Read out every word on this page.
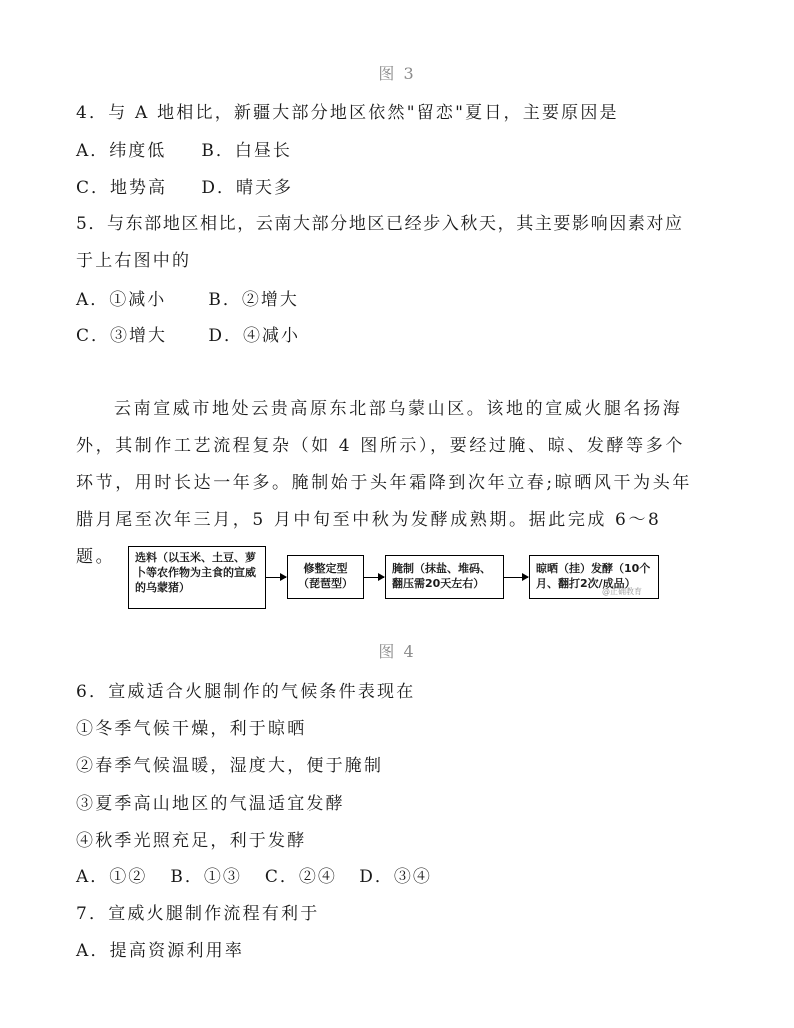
图 3
4．与 A 地相比，新疆大部分地区依然"留恋"夏日，主要原因是
A．纬度低 B．白昼长
C．地势高 D．晴天多
5．与东部地区相比，云南大部分地区已经步入秋天，其主要影响因素对应
于上右图中的
A．①减小 B．②增大
C．③增大 D．④减小
云南宣威市地处云贵高原东北部乌蒙山区。该地的宣威火腿名扬海外，其制作工艺流程复杂（如 4 图所示），要经过腌、晾、发酵等多个环节，用时长达一年多。腌制始于头年霜降到次年立春;晾晒风干为头年腊月尾至次年三月，5 月中旬至中秋为发酵成熟期。据此完成 6～8 题。	选料（以玉米、土豆、萝卜等农作物为主食的宣威的乌蒙猪）
修整定型（琵琶型）
腌制（抹盐、堆码、翻压需20天左右）
晾晒（挂）发酵（10个月、翻打2次/成品）
@正确教育
图 4
6．宣威适合火腿制作的气候条件表现在
①冬季气候干燥，利于晾晒
②春季气候温暖，湿度大，便于腌制
③夏季高山地区的气温适宜发酵
④秋季光照充足，利于发酵
A．①② B．①③ C．②④ D．③④
7．宣威火腿制作流程有利于
A．提高资源利用率
